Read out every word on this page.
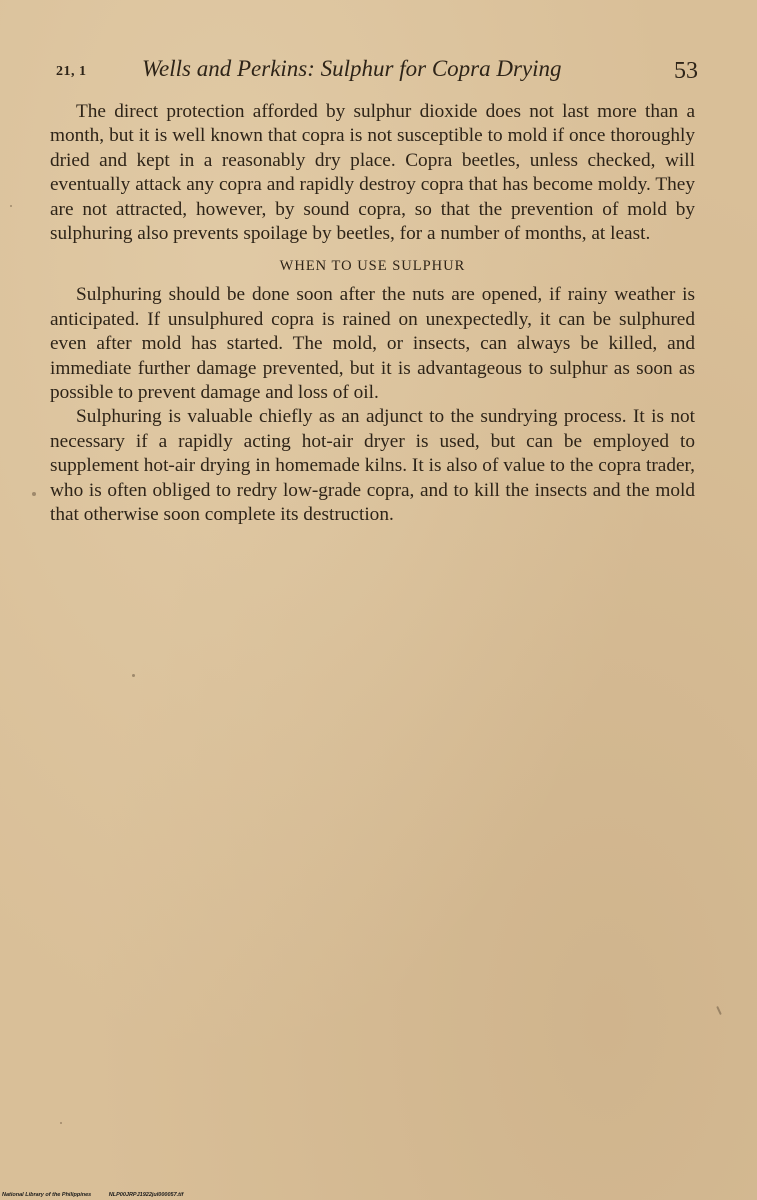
21, 1 Wells and Perkins: Sulphur for Copra Drying	53

The direct protection afforded by sulphur dioxide does not last more than a month, but it is well known that copra is not susceptible to mold if once thoroughly dried and kept in a reasonably dry place. Copra beetles, unless checked, will eventually attack any copra and rapidly destroy copra that has become moldy. They are not attracted, however, by sound copra, so that the prevention of mold by sulphuring also prevents spoilage by beetles, for a number of months, at least.

WHEN TO USE SULPHUR

Sulphuring should be done soon after the nuts are opened, if rainy weather is anticipated. If unsulphured copra is rained on unexpectedly, it can be sulphured even after mold has started. The mold, or insects, can always be killed, and immediate further damage prevented, but it is advantageous to sulphur as soon as possible to prevent damage and loss of oil.

Sulphuring is valuable chiefly as an adjunct to the sundrying process. It is not necessary if a rapidly acting hot-air dryer is used, but can be employed to supplement hot-air drying in homemade kilns. It is also of value to the copra trader, who is often obliged to redry low-grade copra, and to kill the insects and the mold that otherwise soon complete its destruction.

National Library of the Philippines	NLP00JRPJ1922jul000057.tif
